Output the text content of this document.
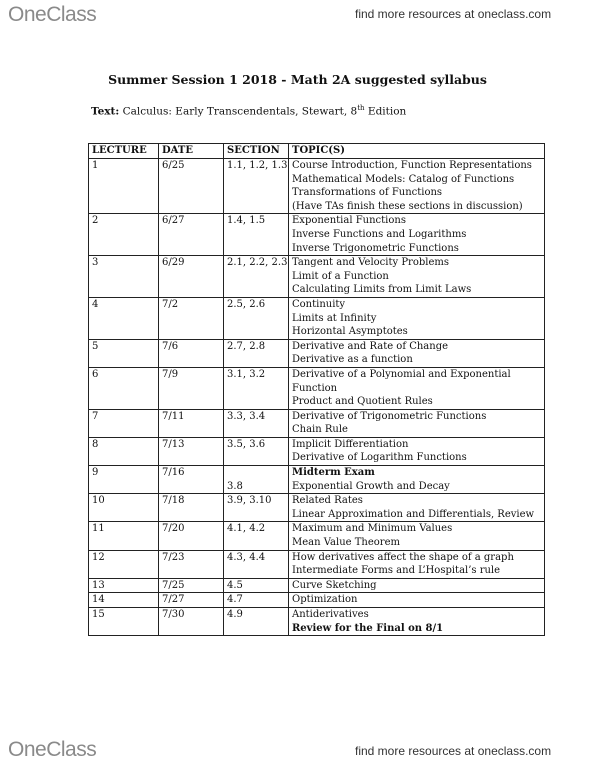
OneClass	find more resources at oneclass.com
Summer Session 1 2018 - Math 2A suggested syllabus
Text: Calculus: Early Transcendentals, Stewart, 8th Edition
LECTURE	DATE	SECTION	TOPIC(S)
1	6/25	1.1, 1.2, 1.3	Course Introduction, Function Representations
Mathematical Models: Catalog of Functions
Transformations of Functions
(Have TAs finish these sections in discussion)

2	6/27	1.4, 1.5	Exponential Functions
Inverse Functions and Logarithms
Inverse Trigonometric Functions

3	6/29	2.1, 2.2, 2.3	Tangent and Velocity Problems
Limit of a Function
Calculating Limits from Limit Laws

4	7/2	2.5, 2.6	Continuity
Limits at Infinity
Horizontal Asymptotes

5	7/6	2.7, 2.8	Derivative and Rate of Change
Derivative as a function

6	7/9	3.1, 3.2	Derivative of a Polynomial and Exponential
Function
Product and Quotient Rules

7	7/11	3.3, 3.4	Derivative of Trigonometric Functions
Chain Rule

8	7/13	3.5, 3.6	Implicit Differentiation
Derivative of Logarithm Functions

9	7/16	3.8	Midterm Exam
Exponential Growth and Decay

10	7/18	3.9, 3.10	Related Rates
Linear Approximation and Differentials, Review

11	7/20	4.1, 4.2	Maximum and Minimum Values
Mean Value Theorem

12	7/23	4.3, 4.4	How derivatives affect the shape of a graph
Intermediate Forms and L’Hospital’s rule

13	7/25	4.5	Curve Sketching

14	7/27	4.7	Optimization

15	7/30	4.9	Antiderivatives
Review for the Final on 8/1
OneClass	find more resources at oneclass.com
